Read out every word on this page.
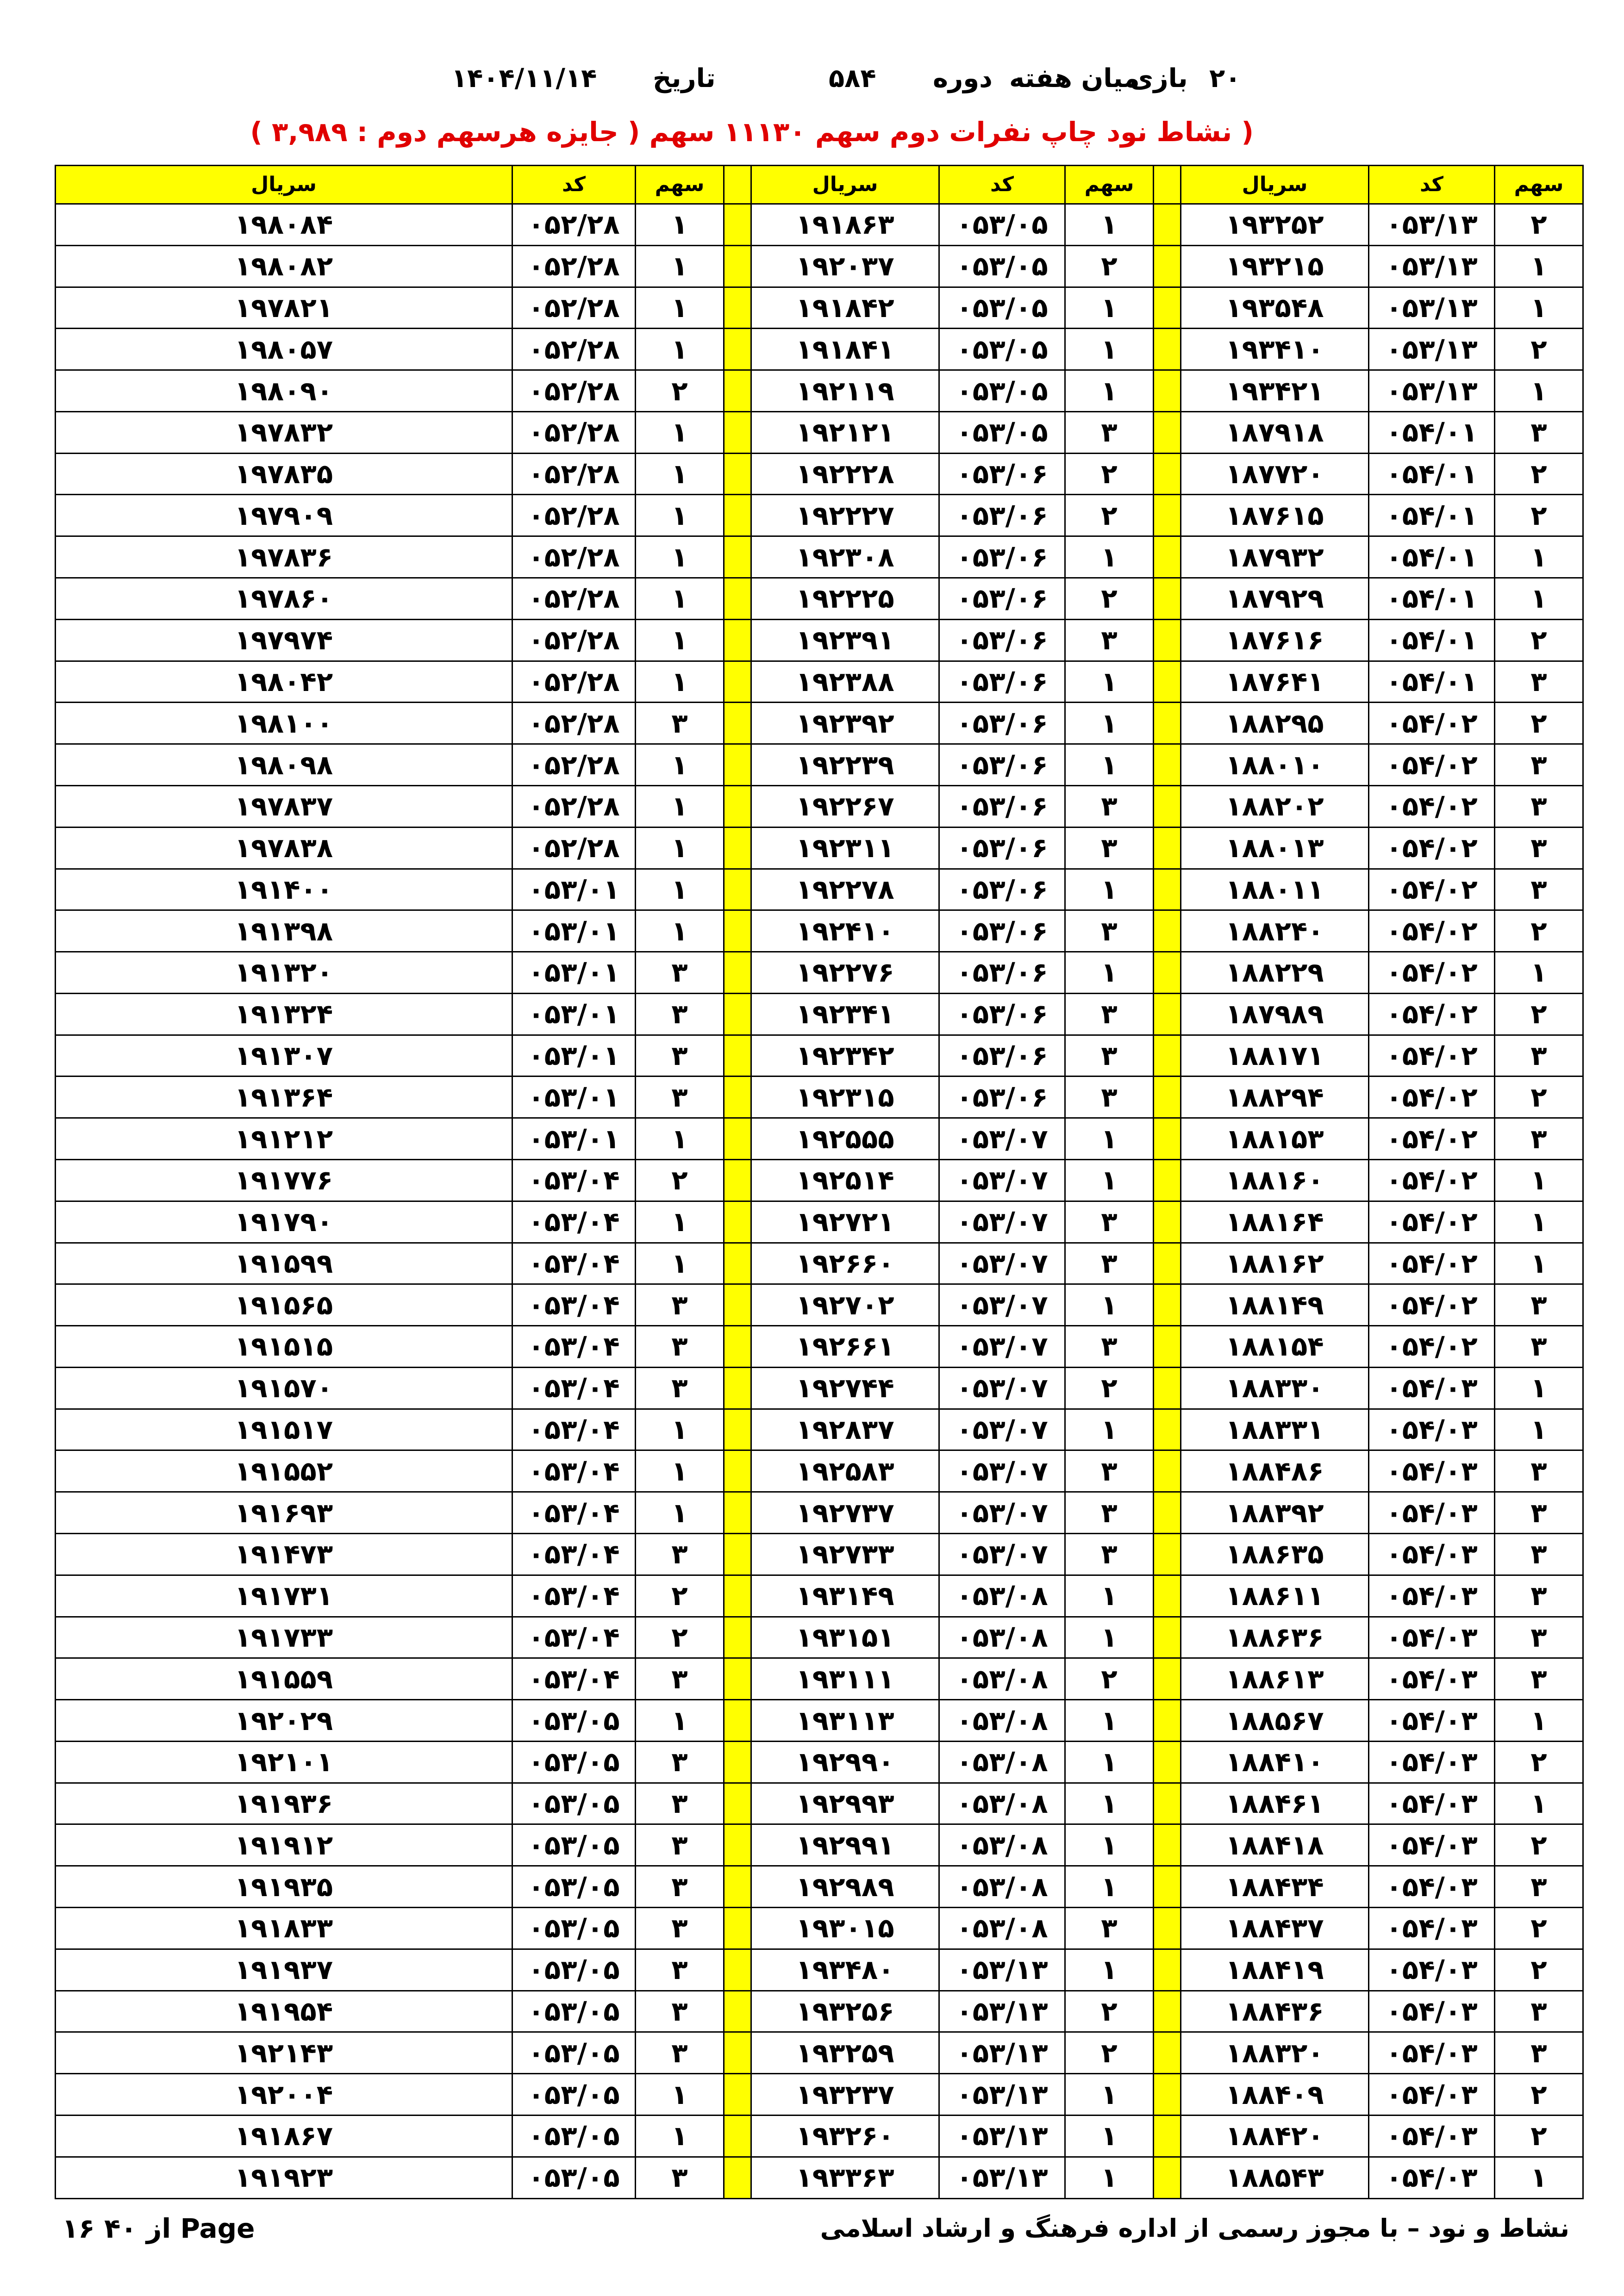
۲۰
بازی
میان هفته
دوره
۵۸۴
تاریخ
۱۴۰۴/۱۱/۱۴
( نشاط نود چاپ نفرات دوم سهم ۱۱۱۳۰ سهم ( جایزه هرسهم دوم : ۳,۹۸۹ )
سهم	کد	سریال		سهم	کد	سریال		سهم	کد	سریال
۲	۰۵۳/۱۳	۱۹۳۲۵۲		۱	۰۵۳/۰۵	۱۹۱۸۶۳		۱	۰۵۲/۲۸	۱۹۸۰۸۴
۱	۰۵۳/۱۳	۱۹۳۲۱۵		۲	۰۵۳/۰۵	۱۹۲۰۳۷		۱	۰۵۲/۲۸	۱۹۸۰۸۲
۱	۰۵۳/۱۳	۱۹۳۵۴۸		۱	۰۵۳/۰۵	۱۹۱۸۴۲		۱	۰۵۲/۲۸	۱۹۷۸۲۱
۲	۰۵۳/۱۳	۱۹۳۴۱۰		۱	۰۵۳/۰۵	۱۹۱۸۴۱		۱	۰۵۲/۲۸	۱۹۸۰۵۷
۱	۰۵۳/۱۳	۱۹۳۴۲۱		۱	۰۵۳/۰۵	۱۹۲۱۱۹		۲	۰۵۲/۲۸	۱۹۸۰۹۰
۳	۰۵۴/۰۱	۱۸۷۹۱۸		۳	۰۵۳/۰۵	۱۹۲۱۲۱		۱	۰۵۲/۲۸	۱۹۷۸۳۲
۲	۰۵۴/۰۱	۱۸۷۷۲۰		۲	۰۵۳/۰۶	۱۹۲۲۲۸		۱	۰۵۲/۲۸	۱۹۷۸۳۵
۲	۰۵۴/۰۱	۱۸۷۶۱۵		۲	۰۵۳/۰۶	۱۹۲۲۲۷		۱	۰۵۲/۲۸	۱۹۷۹۰۹
۱	۰۵۴/۰۱	۱۸۷۹۳۲		۱	۰۵۳/۰۶	۱۹۲۳۰۸		۱	۰۵۲/۲۸	۱۹۷۸۳۶
۱	۰۵۴/۰۱	۱۸۷۹۲۹		۲	۰۵۳/۰۶	۱۹۲۲۲۵		۱	۰۵۲/۲۸	۱۹۷۸۶۰
۲	۰۵۴/۰۱	۱۸۷۶۱۶		۳	۰۵۳/۰۶	۱۹۲۳۹۱		۱	۰۵۲/۲۸	۱۹۷۹۷۴
۳	۰۵۴/۰۱	۱۸۷۶۴۱		۱	۰۵۳/۰۶	۱۹۲۳۸۸		۱	۰۵۲/۲۸	۱۹۸۰۴۲
۲	۰۵۴/۰۲	۱۸۸۲۹۵		۱	۰۵۳/۰۶	۱۹۲۳۹۲		۳	۰۵۲/۲۸	۱۹۸۱۰۰
۳	۰۵۴/۰۲	۱۸۸۰۱۰		۱	۰۵۳/۰۶	۱۹۲۲۳۹		۱	۰۵۲/۲۸	۱۹۸۰۹۸
۳	۰۵۴/۰۲	۱۸۸۲۰۲		۳	۰۵۳/۰۶	۱۹۲۲۶۷		۱	۰۵۲/۲۸	۱۹۷۸۳۷
۳	۰۵۴/۰۲	۱۸۸۰۱۳		۳	۰۵۳/۰۶	۱۹۲۳۱۱		۱	۰۵۲/۲۸	۱۹۷۸۳۸
۳	۰۵۴/۰۲	۱۸۸۰۱۱		۱	۰۵۳/۰۶	۱۹۲۲۷۸		۱	۰۵۳/۰۱	۱۹۱۴۰۰
۲	۰۵۴/۰۲	۱۸۸۲۴۰		۳	۰۵۳/۰۶	۱۹۲۴۱۰		۱	۰۵۳/۰۱	۱۹۱۳۹۸
۱	۰۵۴/۰۲	۱۸۸۲۲۹		۱	۰۵۳/۰۶	۱۹۲۲۷۶		۳	۰۵۳/۰۱	۱۹۱۳۲۰
۲	۰۵۴/۰۲	۱۸۷۹۸۹		۳	۰۵۳/۰۶	۱۹۲۳۴۱		۳	۰۵۳/۰۱	۱۹۱۳۲۴
۳	۰۵۴/۰۲	۱۸۸۱۷۱		۳	۰۵۳/۰۶	۱۹۲۳۴۲		۳	۰۵۳/۰۱	۱۹۱۳۰۷
۲	۰۵۴/۰۲	۱۸۸۲۹۴		۳	۰۵۳/۰۶	۱۹۲۳۱۵		۳	۰۵۳/۰۱	۱۹۱۳۶۴
۳	۰۵۴/۰۲	۱۸۸۱۵۳		۱	۰۵۳/۰۷	۱۹۲۵۵۵		۱	۰۵۳/۰۱	۱۹۱۲۱۲
۱	۰۵۴/۰۲	۱۸۸۱۶۰		۱	۰۵۳/۰۷	۱۹۲۵۱۴		۲	۰۵۳/۰۴	۱۹۱۷۷۶
۱	۰۵۴/۰۲	۱۸۸۱۶۴		۳	۰۵۳/۰۷	۱۹۲۷۲۱		۱	۰۵۳/۰۴	۱۹۱۷۹۰
۱	۰۵۴/۰۲	۱۸۸۱۶۲		۳	۰۵۳/۰۷	۱۹۲۶۶۰		۱	۰۵۳/۰۴	۱۹۱۵۹۹
۳	۰۵۴/۰۲	۱۸۸۱۴۹		۱	۰۵۳/۰۷	۱۹۲۷۰۲		۳	۰۵۳/۰۴	۱۹۱۵۶۵
۳	۰۵۴/۰۲	۱۸۸۱۵۴		۳	۰۵۳/۰۷	۱۹۲۶۶۱		۳	۰۵۳/۰۴	۱۹۱۵۱۵
۱	۰۵۴/۰۳	۱۸۸۳۳۰		۲	۰۵۳/۰۷	۱۹۲۷۴۴		۳	۰۵۳/۰۴	۱۹۱۵۷۰
۱	۰۵۴/۰۳	۱۸۸۳۳۱		۱	۰۵۳/۰۷	۱۹۲۸۳۷		۱	۰۵۳/۰۴	۱۹۱۵۱۷
۳	۰۵۴/۰۳	۱۸۸۴۸۶		۳	۰۵۳/۰۷	۱۹۲۵۸۳		۱	۰۵۳/۰۴	۱۹۱۵۵۲
۳	۰۵۴/۰۳	۱۸۸۳۹۲		۳	۰۵۳/۰۷	۱۹۲۷۳۷		۱	۰۵۳/۰۴	۱۹۱۶۹۳
۳	۰۵۴/۰۳	۱۸۸۶۳۵		۳	۰۵۳/۰۷	۱۹۲۷۳۳		۳	۰۵۳/۰۴	۱۹۱۴۷۳
۳	۰۵۴/۰۳	۱۸۸۶۱۱		۱	۰۵۳/۰۸	۱۹۳۱۴۹		۲	۰۵۳/۰۴	۱۹۱۷۳۱
۳	۰۵۴/۰۳	۱۸۸۶۳۶		۱	۰۵۳/۰۸	۱۹۳۱۵۱		۲	۰۵۳/۰۴	۱۹۱۷۳۳
۳	۰۵۴/۰۳	۱۸۸۶۱۳		۲	۰۵۳/۰۸	۱۹۳۱۱۱		۳	۰۵۳/۰۴	۱۹۱۵۵۹
۱	۰۵۴/۰۳	۱۸۸۵۶۷		۱	۰۵۳/۰۸	۱۹۳۱۱۳		۱	۰۵۳/۰۵	۱۹۲۰۲۹
۲	۰۵۴/۰۳	۱۸۸۴۱۰		۱	۰۵۳/۰۸	۱۹۲۹۹۰		۳	۰۵۳/۰۵	۱۹۲۱۰۱
۱	۰۵۴/۰۳	۱۸۸۴۶۱		۱	۰۵۳/۰۸	۱۹۲۹۹۳		۳	۰۵۳/۰۵	۱۹۱۹۳۶
۲	۰۵۴/۰۳	۱۸۸۴۱۸		۱	۰۵۳/۰۸	۱۹۲۹۹۱		۳	۰۵۳/۰۵	۱۹۱۹۱۲
۳	۰۵۴/۰۳	۱۸۸۴۳۴		۱	۰۵۳/۰۸	۱۹۲۹۸۹		۳	۰۵۳/۰۵	۱۹۱۹۳۵
۲	۰۵۴/۰۳	۱۸۸۴۳۷		۳	۰۵۳/۰۸	۱۹۳۰۱۵		۳	۰۵۳/۰۵	۱۹۱۸۳۳
۲	۰۵۴/۰۳	۱۸۸۴۱۹		۱	۰۵۳/۱۳	۱۹۳۴۸۰		۳	۰۵۳/۰۵	۱۹۱۹۳۷
۳	۰۵۴/۰۳	۱۸۸۴۳۶		۲	۰۵۳/۱۳	۱۹۳۲۵۶		۳	۰۵۳/۰۵	۱۹۱۹۵۴
۳	۰۵۴/۰۳	۱۸۸۳۲۰		۲	۰۵۳/۱۳	۱۹۳۲۵۹		۳	۰۵۳/۰۵	۱۹۲۱۴۳
۲	۰۵۴/۰۳	۱۸۸۴۰۹		۱	۰۵۳/۱۳	۱۹۳۲۳۷		۱	۰۵۳/۰۵	۱۹۲۰۰۴
۲	۰۵۴/۰۳	۱۸۸۴۲۰		۱	۰۵۳/۱۳	۱۹۳۲۶۰		۱	۰۵۳/۰۵	۱۹۱۸۶۷
۱	۰۵۴/۰۳	۱۸۸۵۴۳		۱	۰۵۳/۱۳	۱۹۳۳۶۳		۳	۰۵۳/۰۵	۱۹۱۹۲۳
نشاط و نود – با مجوز رسمی از اداره فرهنگ و ارشاد اسلامی
از ۴۰ ۱۶ Page
